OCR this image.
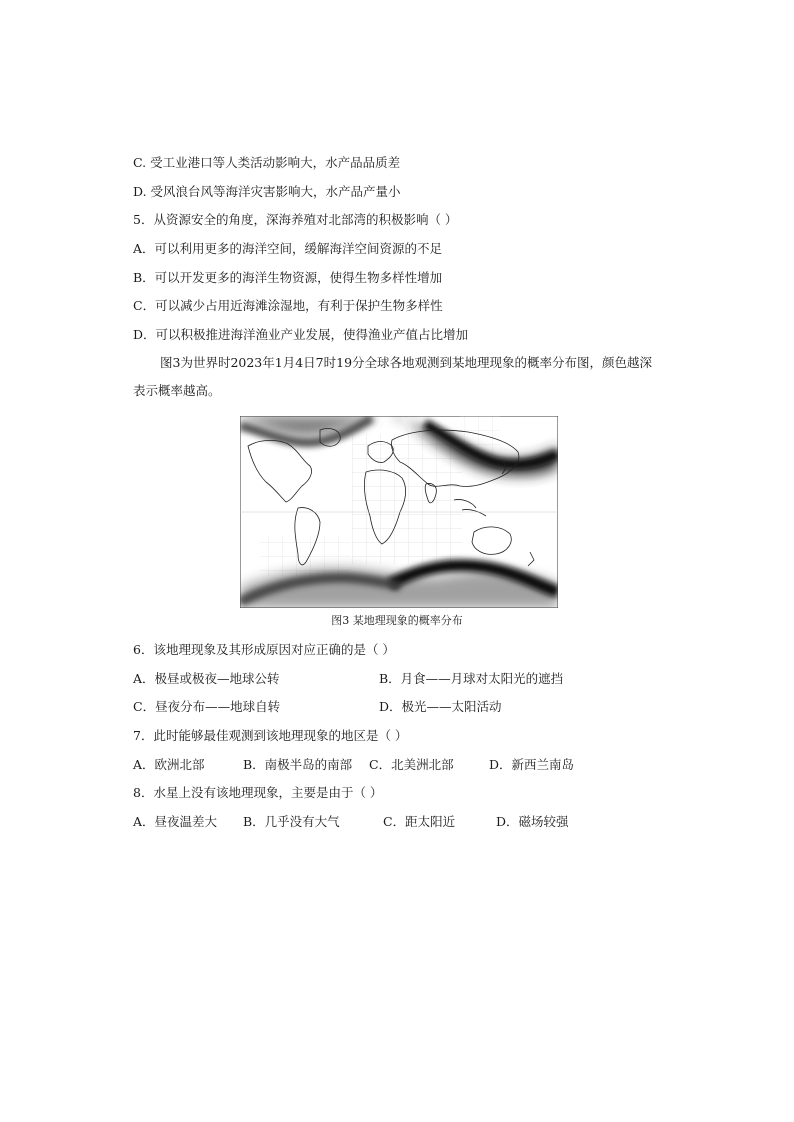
C. 受工业港口等人类活动影响大，水产品品质差
D. 受风浪台风等海洋灾害影响大，水产品产量小
5．从资源安全的角度，深海养殖对北部湾的积极影响（ ）
A．可以利用更多的海洋空间，缓解海洋空间资源的不足
B．可以开发更多的海洋生物资源，使得生物多样性增加
C．可以减少占用近海滩涂湿地，有利于保护生物多样性
D．可以积极推进海洋渔业产业发展，使得渔业产值占比增加
图3为世界时2023年1月4日7时19分全球各地观测到某地理现象的概率分布图，颜色越深表示概率越高。
图3 某地理现象的概率分布
6．该地理现象及其形成原因对应正确的是（ ）
A．极昼或极夜—地球公转	B．月食——月球对太阳光的遮挡
C．昼夜分布——地球自转	D．极光——太阳活动
7．此时能够最佳观测到该地理现象的地区是（ ）
A．欧洲北部	B．南极半岛的南部 C．北美洲北部	D．新西兰南岛
8．水星上没有该地理现象，主要是由于（ ）
A．昼夜温差大 B．几乎没有大气	C．距太阳近	D．磁场较强
